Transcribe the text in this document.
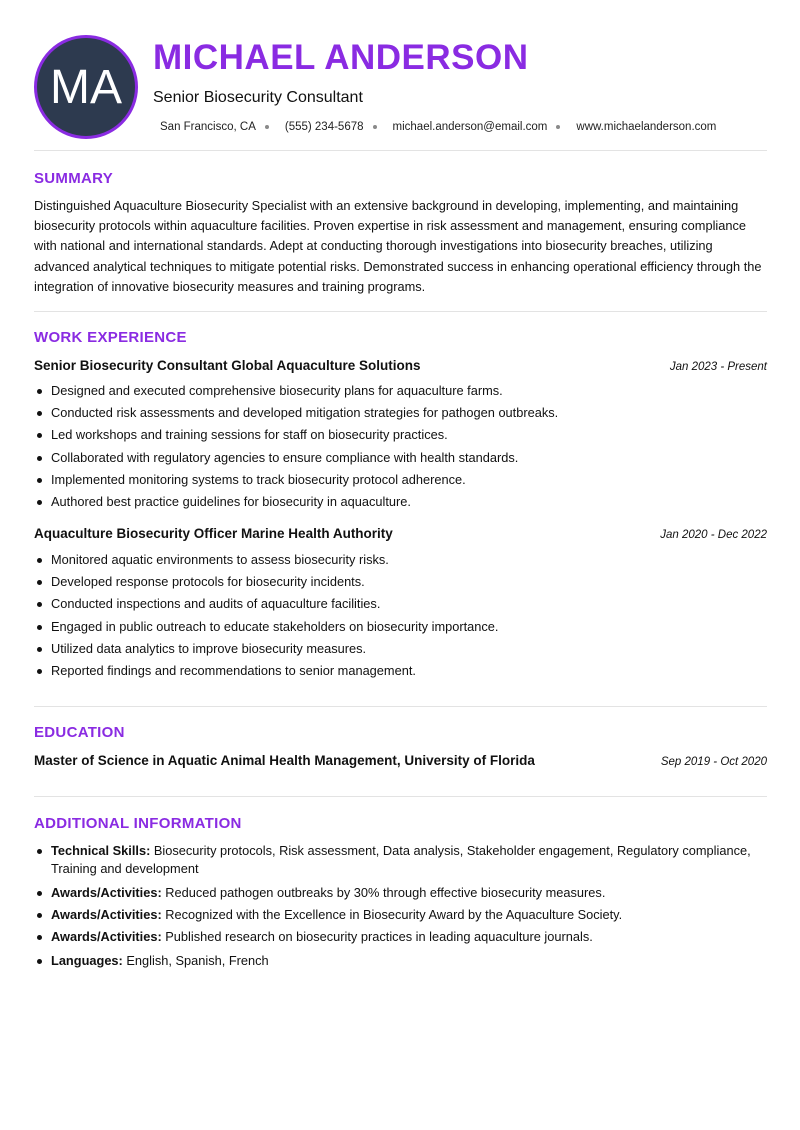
MA
MICHAEL ANDERSON
Senior Biosecurity Consultant
San Francisco, CA	(555) 234-5678	michael.anderson@email.com	www.michaelanderson.com
SUMMARY

Distinguished Aquaculture Biosecurity Specialist with an extensive background in developing, implementing, and maintaining biosecurity protocols within aquaculture facilities. Proven expertise in risk assessment and management, ensuring compliance with national and international standards. Adept at conducting thorough investigations into biosecurity breaches, utilizing advanced analytical techniques to mitigate potential risks. Demonstrated success in enhancing operational efficiency through the integration of innovative biosecurity measures and training programs.

WORK EXPERIENCE
Senior Biosecurity Consultant Global Aquaculture Solutions	Jan 2023 - Present
Designed and executed comprehensive biosecurity plans for aquaculture farms.
Conducted risk assessments and developed mitigation strategies for pathogen outbreaks.
Led workshops and training sessions for staff on biosecurity practices.
Collaborated with regulatory agencies to ensure compliance with health standards.
Implemented monitoring systems to track biosecurity protocol adherence.
Authored best practice guidelines for biosecurity in aquaculture.
Aquaculture Biosecurity Officer Marine Health Authority	Jan 2020 - Dec 2022
Monitored aquatic environments to assess biosecurity risks.
Developed response protocols for biosecurity incidents.
Conducted inspections and audits of aquaculture facilities.
Engaged in public outreach to educate stakeholders on biosecurity importance.
Utilized data analytics to improve biosecurity measures.
Reported findings and recommendations to senior management.
EDUCATION
Master of Science in Aquatic Animal Health Management, University of Florida	Sep 2019 - Oct 2020
ADDITIONAL INFORMATION
Technical Skills: Biosecurity protocols, Risk assessment, Data analysis, Stakeholder engagement, Regulatory compliance, Training and development
Awards/Activities: Reduced pathogen outbreaks by 30% through effective biosecurity measures.
Awards/Activities: Recognized with the Excellence in Biosecurity Award by the Aquaculture Society.
Awards/Activities: Published research on biosecurity practices in leading aquaculture journals.
Languages: English, Spanish, French
